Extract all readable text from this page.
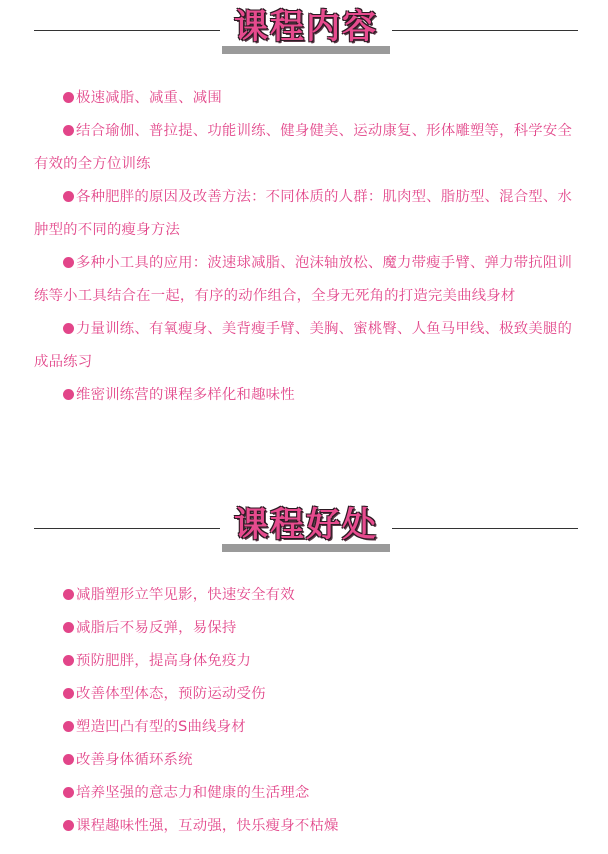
课程内容
极速减脂、减重、减围
结合瑜伽、普拉提、功能训练、健身健美、运动康复、形体雕塑等，科学安全有效的全方位训练
各种肥胖的原因及改善方法：不同体质的人群：肌肉型、脂肪型、混合型、水肿型的不同的瘦身方法
多种小工具的应用：波速球减脂、泡沫轴放松、魔力带瘦手臂、弹力带抗阻训练等小工具结合在一起，有序的动作组合，全身无死角的打造完美曲线身材
力量训练、有氧瘦身、美背瘦手臂、美胸、蜜桃臀、人鱼马甲线、极致美腿的成品练习
维密训练营的课程多样化和趣味性
课程好处
减脂塑形立竿见影，快速安全有效
减脂后不易反弹，易保持
预防肥胖，提高身体免疫力
改善体型体态，预防运动受伤
塑造凹凸有型的S曲线身材
改善身体循环系统
培养坚强的意志力和健康的生活理念
课程趣味性强，互动强，快乐瘦身不枯燥
